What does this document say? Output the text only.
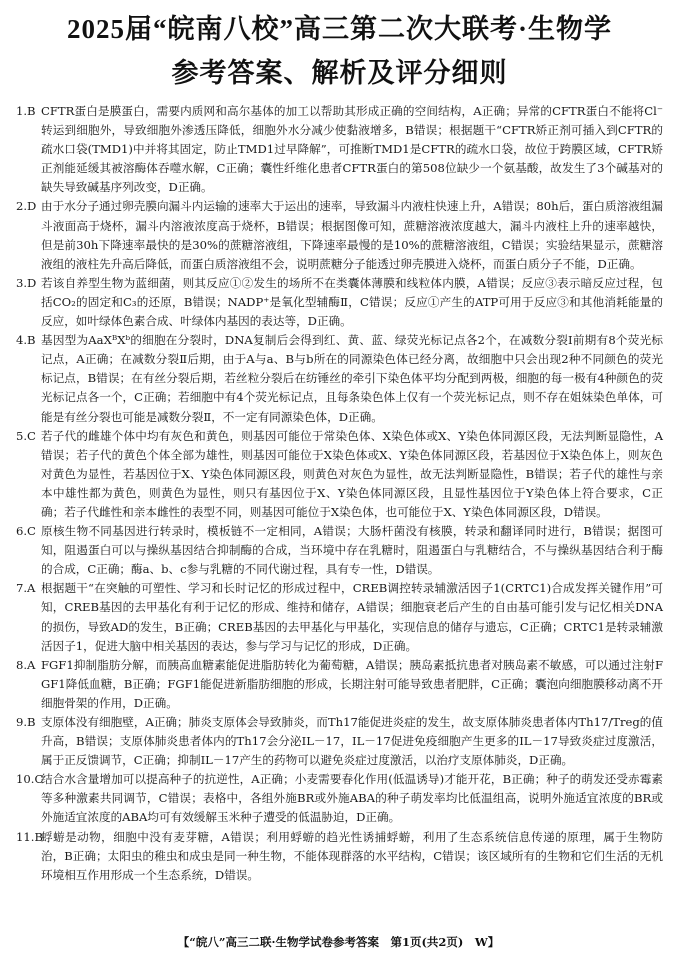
2025届“皖南八校”高三第二次大联考·生物学
参考答案、解析及评分细则
1.B CFTR蛋白是膜蛋白，需要内质网和高尔基体的加工以帮助其形成正确的空间结构，A正确；异常的CFTR蛋白不能将Cl⁻转运到细胞外，导致细胞外渗透压降低，细胞外水分减少使黏液增多，B错误；根据题干“CFTR矫正剂可插入到CFTR的疏水口袋(TMD1)中并将其固定，防止TMD1过早降解”，可推断TMD1是CFTR的疏水口袋，故位于跨膜区域，CFTR矫正剂能延缓其被溶酶体吞噬水解，C正确；囊性纤维化患者CFTR蛋白的第508位缺少一个氨基酸，故发生了3个碱基对的缺失导致碱基序列改变，D正确。
2.D 由于水分子通过卵壳膜向漏斗内运输的速率大于运出的速率，导致漏斗内液柱快速上升，A错误；80h后，蛋白质溶液组漏斗液面高于烧杯，漏斗内溶液浓度高于烧杯，B错误；根据图像可知，蔗糖溶液浓度越大，漏斗内液柱上升的速率越快，但是前30h下降速率最快的是30%的蔗糖溶液组，下降速率最慢的是10%的蔗糖溶液组，C错误；实验结果显示，蔗糖溶液组的液柱先升高后降低，而蛋白质溶液组不会，说明蔗糖分子能透过卵壳膜进入烧杯，而蛋白质分子不能，D正确。
3.D 若该自养型生物为蓝细菌，则其反应①②发生的场所不在类囊体薄膜和线粒体内膜，A错误；反应③表示暗反应过程，包括CO₂的固定和C₃的还原，B错误；NADP⁺是氧化型辅酶Ⅱ，C错误；反应①产生的ATP可用于反应③和其他消耗能量的反应，如叶绿体色素合成、叶绿体内基因的表达等，D正确。
4.B 基因型为AaXᴮXᵇ的细胞在分裂时，DNA复制后会得到红、黄、蓝、绿荧光标记点各2个，在减数分裂Ⅰ前期有8个荧光标记点，A正确；在减数分裂Ⅱ后期，由于A与a、B与b所在的同源染色体已经分离，故细胞中只会出现2种不同颜色的荧光标记点，B错误；在有丝分裂后期，若丝粒分裂后在纺锤丝的牵引下染色体平均分配到两极，细胞的每一极有4种颜色的荧光标记点各一个，C正确；若细胞中有4个荧光标记点，且每条染色体上仅有一个荧光标记点，则不存在姐妹染色单体，可能是有丝分裂也可能是减数分裂Ⅱ，不一定有同源染色体，D正确。
5.C 若子代的雌雄个体中均有灰色和黄色，则基因可能位于常染色体、X染色体或X、Y染色体同源区段，无法判断显隐性，A错误；若子代的黄色个体全部为雄性，则基因可能位于X染色体或X、Y染色体同源区段，若基因位于X染色体上，则灰色对黄色为显性，若基因位于X、Y染色体同源区段，则黄色对灰色为显性，故无法判断显隐性，B错误；若子代的雄性与亲本中雄性都为黄色，则黄色为显性，则只有基因位于X、Y染色体同源区段，且显性基因位于Y染色体上符合要求，C正确；若子代雌性和亲本雌性的表型不同，则基因可能位于X染色体，也可能位于X、Y染色体同源区段，D错误。
6.C 原核生物不同基因进行转录时，模板链不一定相同，A错误；大肠杆菌没有核膜，转录和翻译同时进行，B错误；据图可知，阻遏蛋白可以与操纵基因结合抑制酶的合成，当环境中存在乳糖时，阻遏蛋白与乳糖结合，不与操纵基因结合利于酶的合成，C正确；酶a、b、c参与乳糖的不同代谢过程，具有专一性，D错误。
7.A 根据题干“在突触的可塑性、学习和长时记忆的形成过程中，CREB调控转录辅激活因子1(CRTC1)合成发挥关键作用”可知，CREB基因的去甲基化有利于记忆的形成、维持和储存，A错误；细胞衰老后产生的自由基可能引发与记忆相关DNA的损伤，导致AD的发生，B正确；CREB基因的去甲基化与甲基化，实现信息的储存与遗忘，C正确；CRTC1是转录辅激活因子1，促进大脑中相关基因的表达，参与学习与记忆的形成，D正确。
8.A FGF1抑制脂肪分解，而胰高血糖素能促进脂肪转化为葡萄糖，A错误；胰岛素抵抗患者对胰岛素不敏感，可以通过注射FGF1降低血糖，B正确；FGF1能促进新脂肪细胞的形成，长期注射可能导致患者肥胖，C正确；囊泡向细胞膜移动离不开细胞骨架的作用，D正确。
9.B 支原体没有细胞壁，A正确；肺炎支原体会导致肺炎，而Th17能促进炎症的发生，故支原体肺炎患者体内Th17/Treg的值升高，B错误；支原体肺炎患者体内的Th17会分泌IL－17，IL－17促进免疫细胞产生更多的IL－17导致炎症过度激活，属于正反馈调节，C正确；抑制IL－17产生的药物可以避免炎症过度激活，以治疗支原体肺炎，D正确。
10.C
结合水含量增加可以提高种子的抗逆性，A正确；小麦需要春化作用(低温诱导)才能开花，B正确；种子的萌发还受赤霉素等多种激素共同调节，C错误；表格中，各组外施BR或外施ABA的种子萌发率均比低温组高，说明外施适宜浓度的BR或外施适宜浓度的ABA均可有效缓解玉米种子遭受的低温胁迫，D正确。
11.B
蜉蝣是动物，细胞中没有麦芽糖，A错误；利用蜉蝣的趋光性诱捕蜉蝣，利用了生态系统信息传递的原理，属于生物防治，B正确；太阳虫的稚虫和成虫是同一种生物，不能体现群落的水平结构，C错误；该区域所有的生物和它们生活的无机环境相互作用形成一个生态系统，D错误。
【“皖八”高三二联·生物学试卷参考答案　第1页(共2页)　W】
